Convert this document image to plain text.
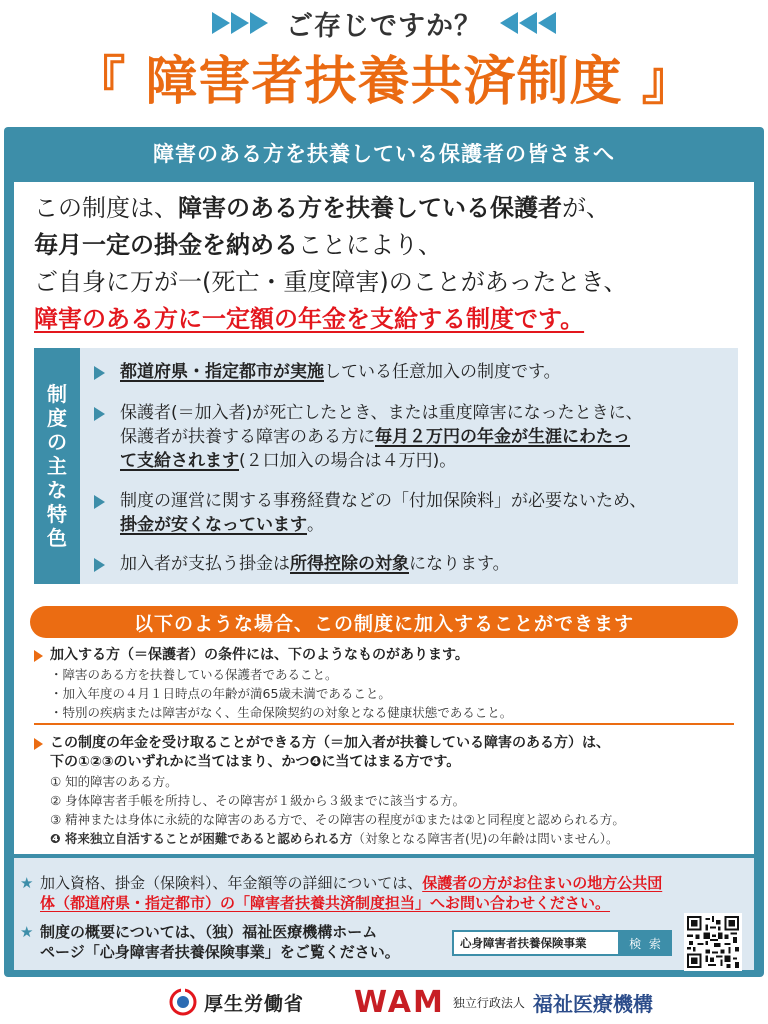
ご存じですか？
『 障害者扶養共済制度 』
障害のある方を扶養している保護者の皆さまへ
この制度は、障害のある方を扶養している保護者が、
毎月一定の掛金を納めることにより、
ご自身に万が一(死亡・重度障害)のことがあったとき、
障害のある方に一定額の年金を支給する制度です。
制
度
の
主
な
特
色
都道府県・指定都市が実施している任意加入の制度です。
保護者(＝加入者)が死亡したとき、または重度障害になったときに、
保護者が扶養する障害のある方に毎月２万円の年金が生涯にわたっ
て支給されます(２口加入の場合は４万円)。
制度の運営に関する事務経費などの「付加保険料」が必要ないため、
掛金が安くなっています。
加入者が支払う掛金は所得控除の対象になります。
以下のような場合、この制度に加入することができます
加入する方（＝保護者）の条件には、下のようなものがあります。
・障害のある方を扶養している保護者であること。
・加入年度の４月１日時点の年齢が満65歳未満であること。
・特別の疾病または障害がなく、生命保険契約の対象となる健康状態であること。
この制度の年金を受け取ることができる方（＝加入者が扶養している障害のある方）は、
下の①②③のいずれかに当てはまり、かつ❹に当てはまる方です。
① 知的障害のある方。
② 身体障害者手帳を所持し、その障害が１級から３級までに該当する方。
③ 精神または身体に永続的な障害のある方で、その障害の程度が①または②と同程度と認められる方。
❹ 将来独立自活することが困難であると認められる方（対象となる障害者(児)の年齢は問いません）。
★ 加入資格、掛金（保険料）、年金額等の詳細については、保護者の方がお住まいの地方公共団
体（都道府県・指定都市）の「障害者扶養共済制度担当」へお問い合わせください。
★ 制度の概要については、（独）福祉医療機構ホーム
ページ「心身障害者扶養保険事業」をご覧ください。	心身障害者扶養保険事業	検 索
厚生労働省 WAM 独立行政法人 福祉医療機構
